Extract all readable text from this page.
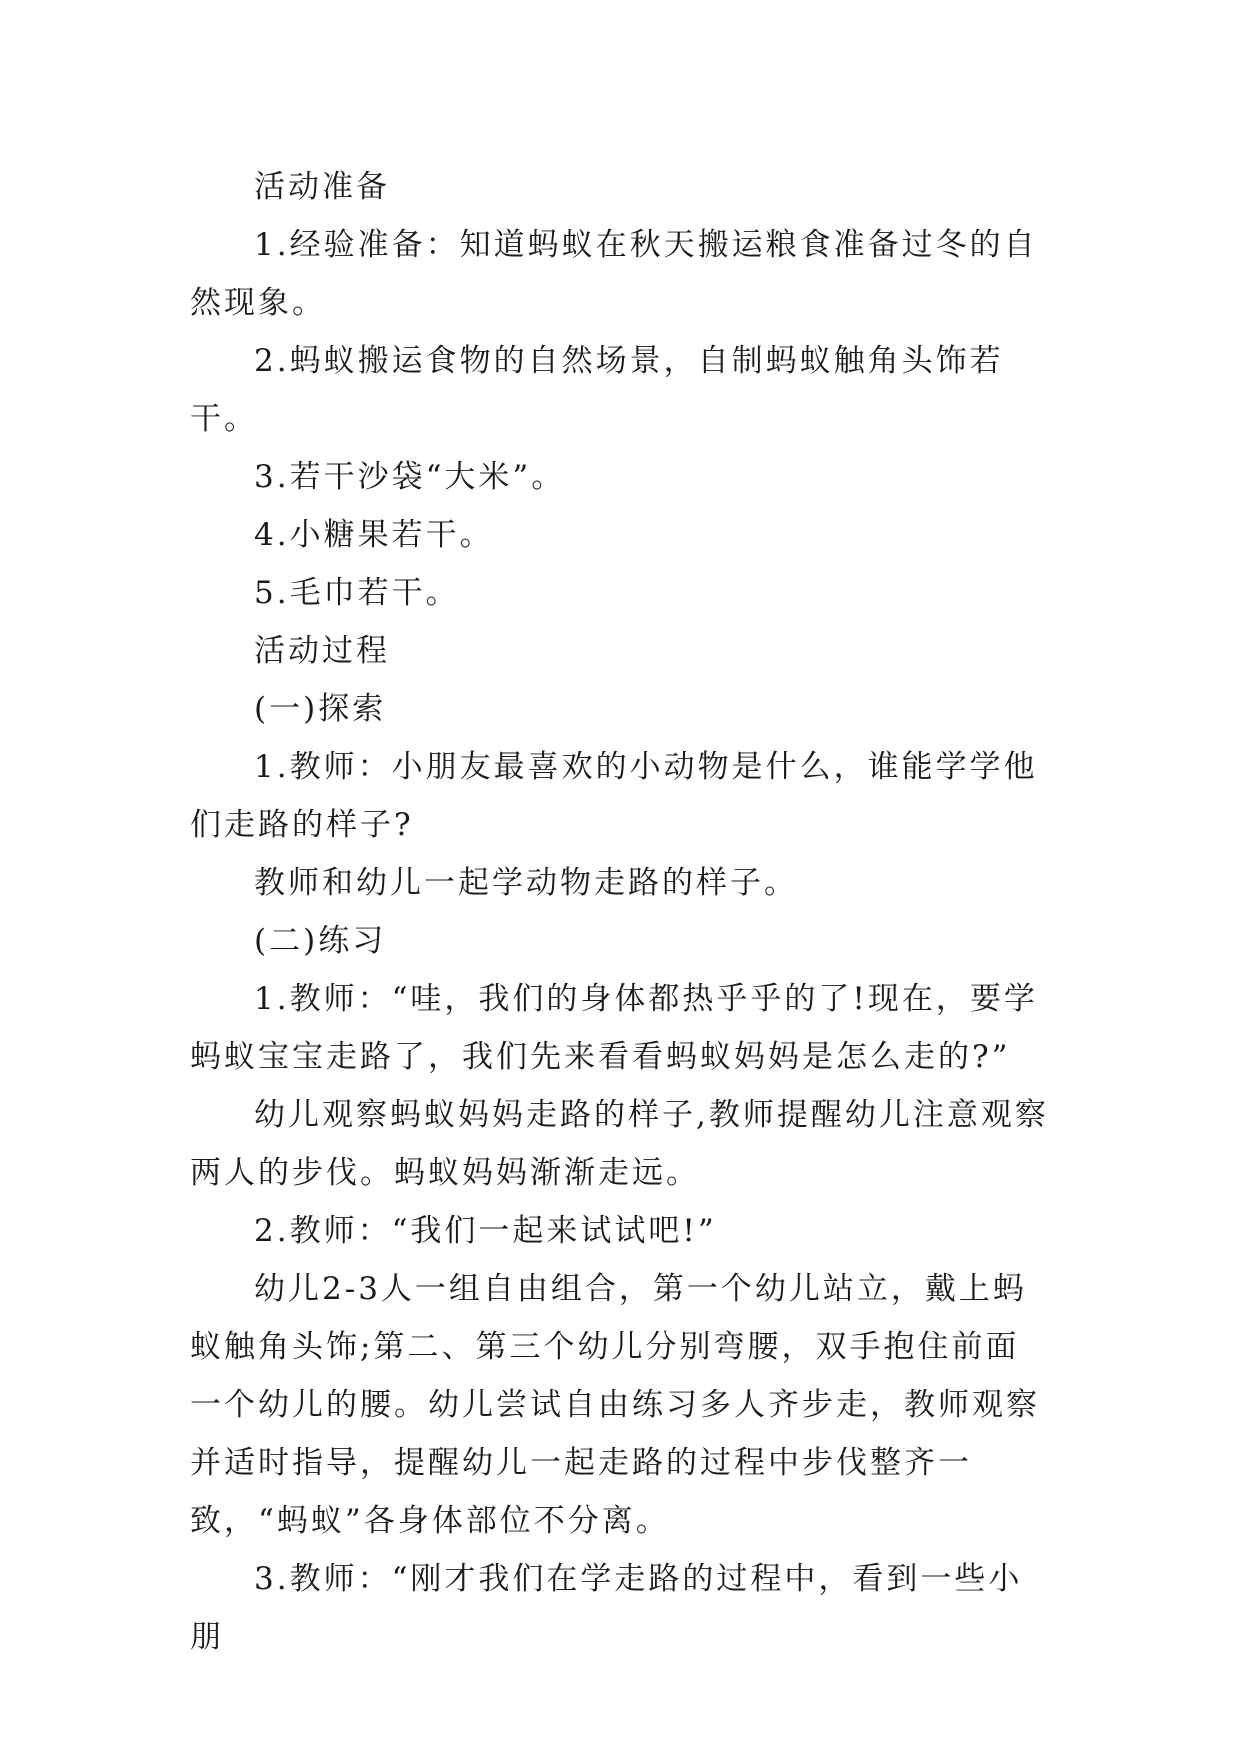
活动准备

1.经验准备：知道蚂蚁在秋天搬运粮食准备过冬的自然现象。

2.蚂蚁搬运食物的自然场景，自制蚂蚁触角头饰若干。

3.若干沙袋“大米”。

4.小糖果若干。

5.毛巾若干。

活动过程

(一)探索

1.教师：小朋友最喜欢的小动物是什么，谁能学学他们走路的样子?

教师和幼儿一起学动物走路的样子。

(二)练习

1.教师：“哇，我们的身体都热乎乎的了!现在，要学蚂蚁宝宝走路了，我们先来看看蚂蚁妈妈是怎么走的?”

幼儿观察蚂蚁妈妈走路的样子,教师提醒幼儿注意观察两人的步伐。蚂蚁妈妈渐渐走远。

2.教师：“我们一起来试试吧!”

幼儿2-3人一组自由组合，第一个幼儿站立，戴上蚂蚁触角头饰;第二、第三个幼儿分别弯腰，双手抱住前面一个幼儿的腰。幼儿尝试自由练习多人齐步走，教师观察并适时指导，提醒幼儿一起走路的过程中步伐整齐一致，“蚂蚁”各身体部位不分离。

3.教师：“刚才我们在学走路的过程中，看到一些小朋
